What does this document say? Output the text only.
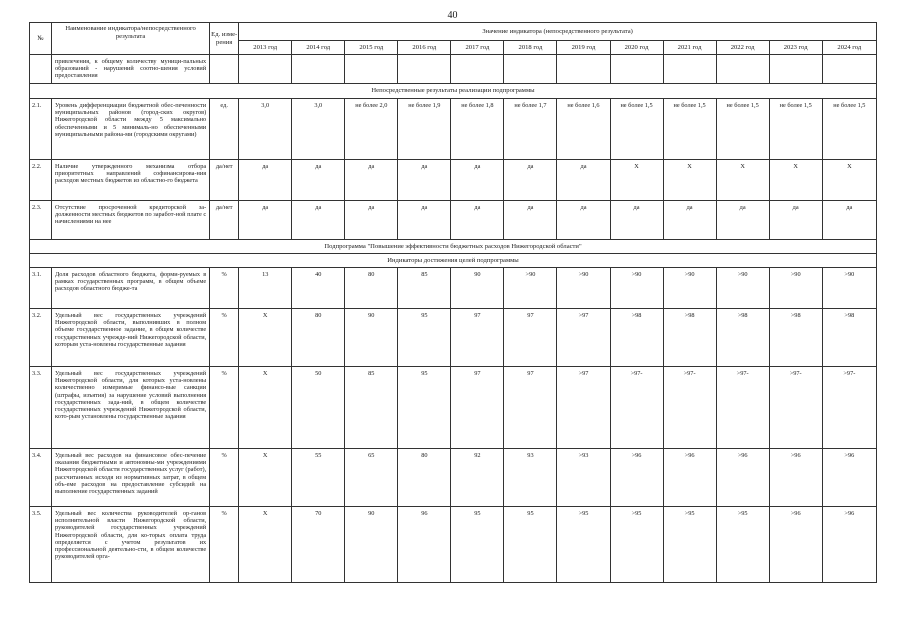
40
№	Наименование индикатора/непосредственного результата	Ед. изме-рения	Значение индикатора (непосредственного результата)											
			2013 год	2014 год	2015 год	2016 год	2017 год	2018 год	2019 год	2020 год	2021 год	2022 год	2023 год	2024 год
	привлечения, к общему количеству муници-пальных образований - нарушений соотно-шения условий предоставления													
Непосредственные результаты реализации подпрограммы														
2.1.	Уровень дифференциации бюджетной обес-печенности муниципальных районов (город-ских округов) Нижегородской области между 5 максимально обеспеченными и 5 минималь-но обеспеченными муниципальными района-ми (городскими округами)	ед.	3,0	3,0	не более 2,0	не более 1,9	не более 1,8	не более 1,7	не более 1,6	не более 1,5	не более 1,5	не более 1,5	не более 1,5	не более 1,5
2.2.	Наличие утвержденного механизма отбора приоритетных направлений софинансирова-ния расходов местных бюджетов из областно-го бюджета	да/нет	да	да	да	да	да	да	да	X	X	X	X	X
2.3.	Отсутствие просроченной кредиторской за-долженности местных бюджетов по заработ-ной плате с начислениями на нее	да/нет	да	да	да	да	да	да	да	да	да	да	да	да
Подпрограмма "Повышение эффективности бюджетных расходов Нижегородской области"														
Индикаторы достижения целей подпрограммы														
3.1.	Доля расходов областного бюджета, форми-руемых в рамках государственных программ, в общем объеме расходов областного бюдже-та	%	13	40	80	85	90	>90	>90	>90	>90	>90	>90	>90
3.2.	Удельный вес государственных учреждений Нижегородской области, выполнивших в полном объеме государственное задание, в общем количестве государственных учрежде-ний Нижегородской области, которым уста-новлены государственные задания	%	X	80	90	95	97	97	>97	>98	>98	>98	>98	>98
3.3.	Удельный вес государственных учреждений Нижегородской области, для которых уста-новлены количественно измеримые финансо-вые санкции (штрафы, изъятия) за нарушение условий выполнения государственных зада-ний, в общем количестве государственных учреждений Нижегородской области, кото-рым установлены государственные задания	%	X	50	85	95	97	97	>97	>97-	>97-	>97-	>97-	>97-
3.4.	Удельный вес расходов на финансовое обес-печение оказания бюджетными и автономны-ми учреждениями Нижегородской области государственных услуг (работ), рассчитанных исходя из нормативных затрат, в общем объ-еме расходов на предоставление субсидий на выполнение государственных заданий	%	X	55	65	80	92	93	>93	>96	>96	>96	>96	>96
3.5.	Удельный вес количества руководителей ор-ганов исполнительной власти Нижегородской области, руководителей государственных учреждений Нижегородской области, для ко-торых оплата труда определяется с учетом результатов их профессиональной деятельно-сти, в общем количестве руководителей орга-	%	X	70	90	96	95	95	>95	>95	>95	>95	>96	>96
